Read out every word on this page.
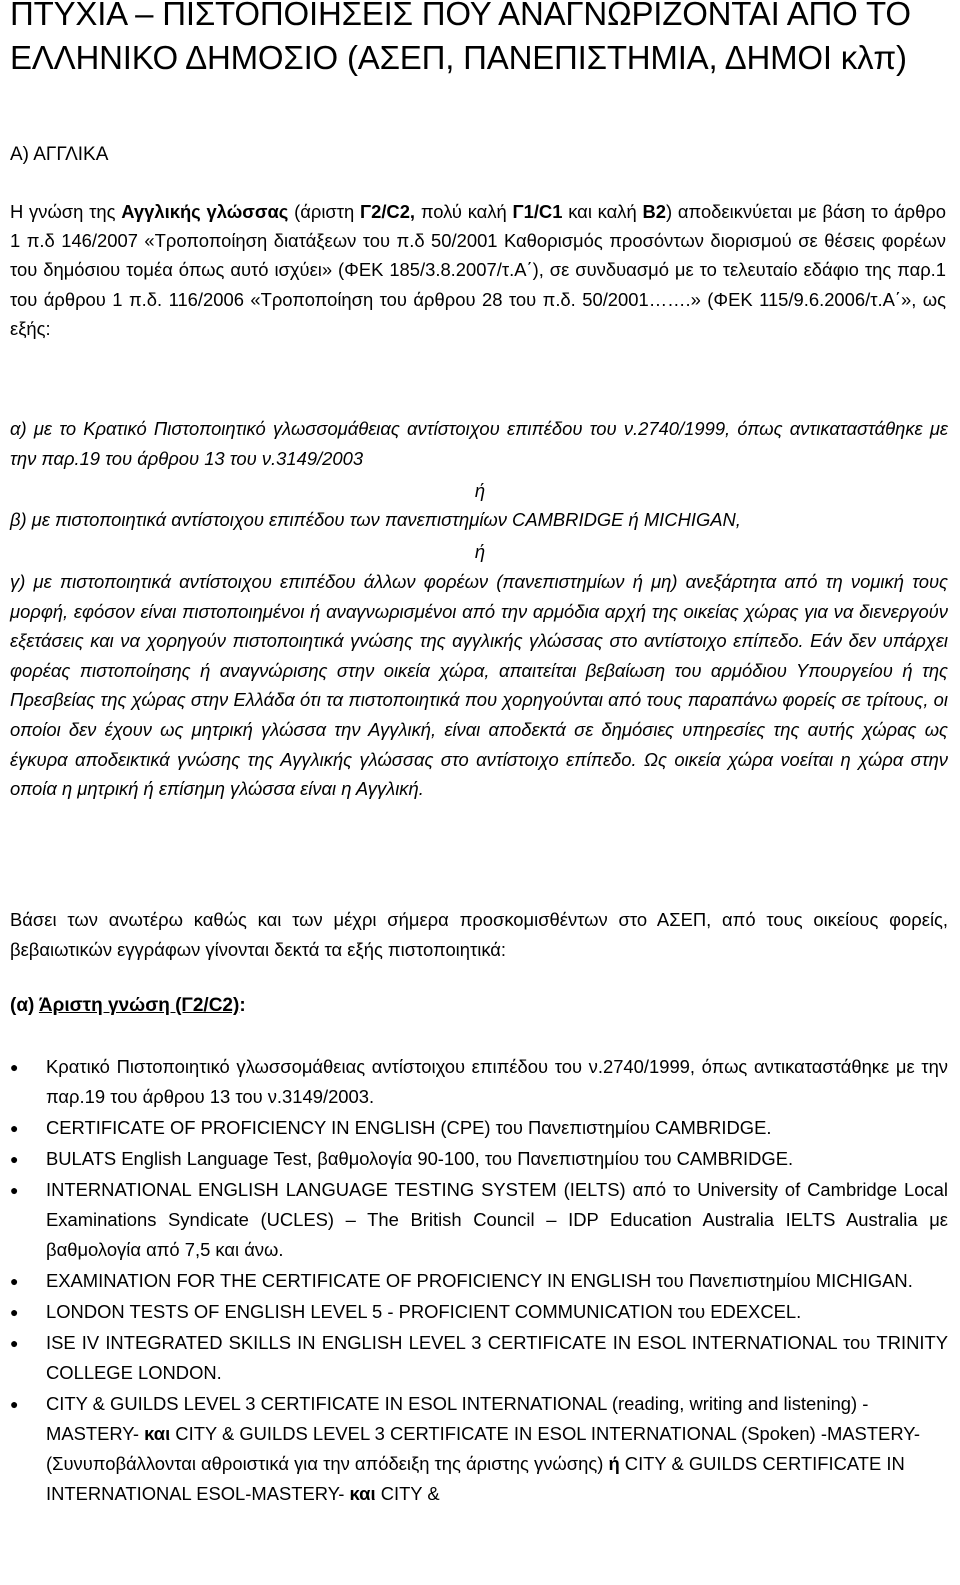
ΠΤΥΧΙΑ – ΠΙΣΤΟΠΟΙΗΣΕΙΣ ΠΟΥ ΑΝΑΓΝΩΡΙΖΟΝΤΑΙ ΑΠΟ ΤΟ ΕΛΛΗΝΙΚΟ ΔΗΜΟΣΙΟ (ΑΣΕΠ, ΠΑΝΕΠΙΣΤΗΜΙΑ, ΔΗΜΟΙ κλπ)
Α) ΑΓΓΛΙΚΑ

Η γνώση της Αγγλικής γλώσσας (άριστη Γ2/C2, πολύ καλή Γ1/C1 και καλή Β2) αποδεικνύεται με βάση το άρθρο 1 π.δ 146/2007 «Τροποποίηση διατάξεων του π.δ 50/2001 Καθορισμός προσόντων διορισμού σε θέσεις φορέων του δημόσιου τομέα όπως αυτό ισχύει» (ΦΕΚ 185/3.8.2007/τ.Α΄), σε συνδυασμό με το τελευταίο εδάφιο της παρ.1 του άρθρου 1 π.δ. 116/2006 «Τροποποίηση του άρθρου 28 του π.δ. 50/2001…….» (ΦΕΚ 115/9.6.2006/τ.Α΄», ως εξής:

α) με το Κρατικό Πιστοποιητικό γλωσσομάθειας αντίστοιχου επιπέδου του ν.2740/1999, όπως αντικαταστάθηκε με την παρ.19 του άρθρου 13 του ν.3149/2003

ή

β) με πιστοποιητικά αντίστοιχου επιπέδου των πανεπιστημίων CAMBRIDGE ή MICHIGAN,

ή

γ) με πιστοποιητικά αντίστοιχου επιπέδου άλλων φορέων (πανεπιστημίων ή μη) ανεξάρτητα από τη νομική τους μορφή, εφόσον είναι πιστοποιημένοι ή αναγνωρισμένοι από την αρμόδια αρχή της οικείας χώρας για να διενεργούν εξετάσεις και να χορηγούν πιστοποιητικά γνώσης της αγγλικής γλώσσας στο αντίστοιχο επίπεδο. Εάν δεν υπάρχει φορέας πιστοποίησης ή αναγνώρισης στην οικεία χώρα, απαιτείται βεβαίωση του αρμόδιου Υπουργείου ή της Πρεσβείας της χώρας στην Ελλάδα ότι τα πιστοποιητικά που χορηγούνται από τους παραπάνω φορείς σε τρίτους, οι οποίοι δεν έχουν ως μητρική γλώσσα την Αγγλική, είναι αποδεκτά σε δημόσιες υπηρεσίες της αυτής χώρας ως έγκυρα αποδεικτικά γνώσης της Αγγλικής γλώσσας στο αντίστοιχο επίπεδο. Ως οικεία χώρα νοείται η χώρα στην οποία η μητρική ή επίσημη γλώσσα είναι η Αγγλική.

Βάσει των ανωτέρω καθώς και των μέχρι σήμερα προσκομισθέντων στο ΑΣΕΠ, από τους οικείους φορείς, βεβαιωτικών εγγράφων γίνονται δεκτά τα εξής πιστοποιητικά:

(α) Άριστη γνώση (Γ2/C2):

● Κρατικό Πιστοποιητικό γλωσσομάθειας αντίστοιχου επιπέδου του ν.2740/1999, όπως αντικαταστάθηκε με την παρ.19 του άρθρου 13 του ν.3149/2003.
● CERTIFICATE OF PROFICIENCY IN ENGLISH (CPE) του Πανεπιστημίου CAMBRIDGE.
● BULATS English Language Test, βαθμολογία 90-100, του Πανεπιστημίου του CAMBRIDGE.
● INTERNATIONAL ENGLISH LANGUAGE TESTING SYSTEM (IELTS) από το University of Cambridge Local Examinations Syndicate (UCLES) – The British Council – IDP Education Australia IELTS Australia με βαθμολογία από 7,5 και άνω.
● EXAMINATION FOR THE CERTIFICATE OF PROFICIENCY IN ENGLISH του Πανεπιστημίου MICHIGAN.
● LONDON TESTS OF ENGLISH LEVEL 5 - PROFICIENT COMMUNICATION του EDEXCEL.
● ISE IV INTEGRATED SKILLS IN ENGLISH LEVEL 3 CERTIFICATE IN ESOL INTERNATIONAL του TRINITY COLLEGE LONDON.
● CITY & GUILDS LEVEL 3 CERTIFICATE IN ESOL INTERNATIONAL (reading, writing and listening) -MASTERY- και CITY & GUILDS LEVEL 3 CERTIFICATE IN ESOL INTERNATIONAL (Spoken) -MASTERY- (Συνυποβάλλονται αθροιστικά για την απόδειξη της άριστης γνώσης) ή CITY & GUILDS CERTIFICATE IN INTERNATIONAL ESOL-MASTERY- και CITY &
